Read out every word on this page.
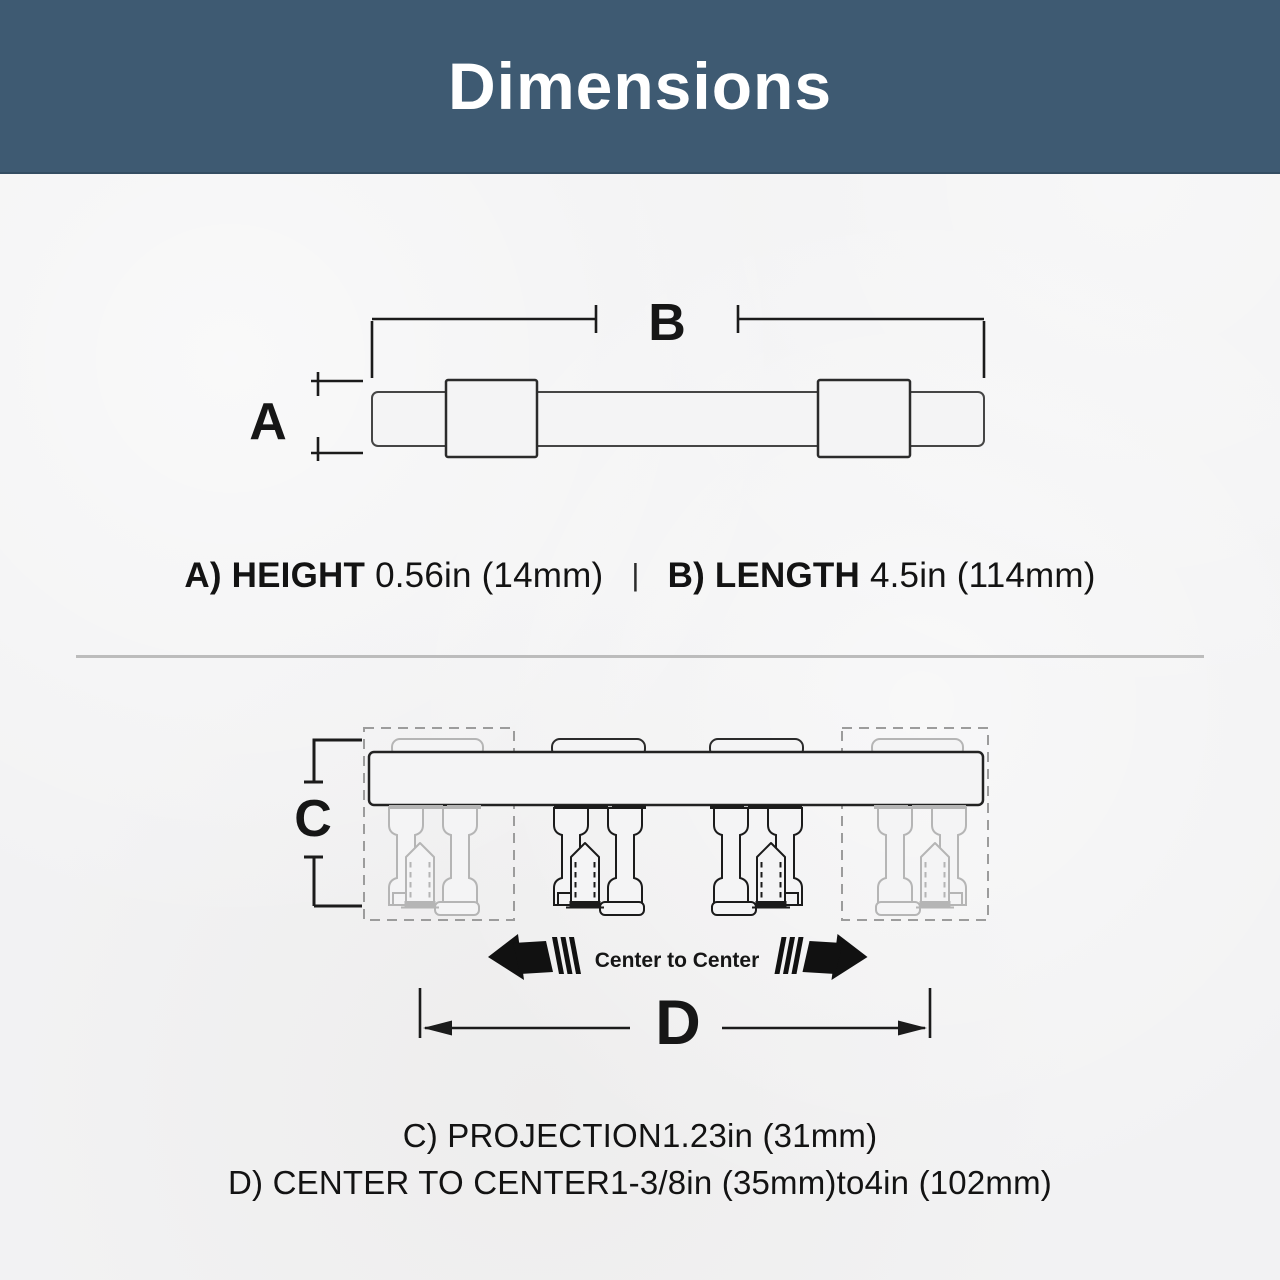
Dimensions
B
A
A) HEIGHT 0.56in (14mm) | B) LENGTH 4.5in (114mm)
C
Center to Center
D
C) PROJECTION1.23in (31mm)
D) CENTER TO CENTER1-3/8in (35mm)to4in (102mm)
